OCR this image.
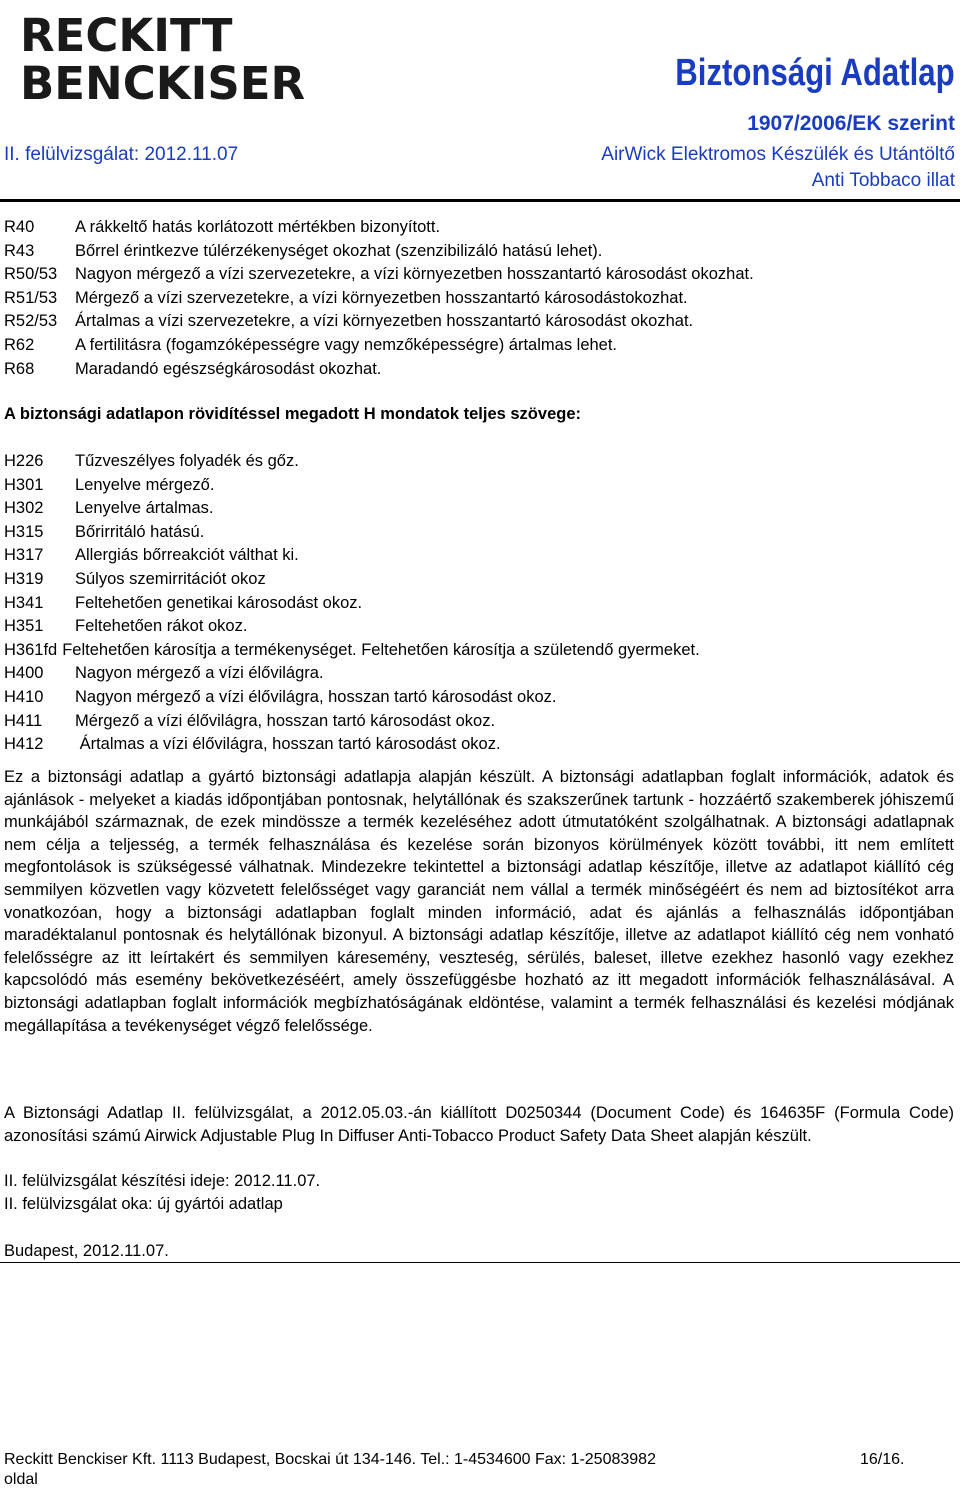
RECKITT
BENCKISER	Biztonsági Adatlap
1907/2006/EK szerint
II. felülvizsgálat: 2012.11.07	AirWick Elektromos Készülék és Utántöltő
Anti Tobbaco illat
R40	A rákkeltő hatás korlátozott mértékben bizonyított.
R43	Bőrrel érintkezve túlérzékenységet okozhat (szenzibilizáló hatású lehet).
R50/53	Nagyon mérgező a vízi szervezetekre, a vízi környezetben hosszantartó károsodást okozhat.
R51/53	Mérgező a vízi szervezetekre, a vízi környezetben hosszantartó károsodástokozhat.
R52/53	Ártalmas a vízi szervezetekre, a vízi környezetben hosszantartó károsodást okozhat.
R62	A fertilitásra (fogamzóképességre vagy nemzőképességre) ártalmas lehet.
R68	Maradandó egészségkárosodást okozhat.
A biztonsági adatlapon rövidítéssel megadott H mondatok teljes szövege:
H226	Tűzveszélyes folyadék és gőz.
H301	Lenyelve mérgező.
H302	Lenyelve ártalmas.
H315	Bőrirritáló hatású.
H317	Allergiás bőrreakciót válthat ki.
H319	Súlyos szemirritációt okoz
H341	Feltehetően genetikai károsodást okoz.
H351	Feltehetően rákot okoz.
H361fd Feltehetően károsítja a termékenységet. Feltehetően károsítja a születendő gyermeket.
H400	Nagyon mérgező a vízi élővilágra.
H410	Nagyon mérgező a vízi élővilágra, hosszan tartó károsodást okoz.
H411	Mérgező a vízi élővilágra, hosszan tartó károsodást okoz.
H412	Ártalmas a vízi élővilágra, hosszan tartó károsodást okoz.

Ez a biztonsági adatlap a gyártó biztonsági adatlapja alapján készült. A biztonsági adatlapban foglalt információk, adatok és ajánlások - melyeket a kiadás időpontjában pontosnak, helytállónak és szakszerűnek tartunk - hozzáértő szakemberek jóhiszemű munkájából származnak, de ezek mindössze a termék kezeléséhez adott útmutatóként szolgálhatnak. A biztonsági adatlapnak nem célja a teljesség, a termék felhasználása és kezelése során bizonyos körülmények között további, itt nem említett megfontolások is szükségessé válhatnak. Mindezekre tekintettel a biztonsági adatlap készítője, illetve az adatlapot kiállító cég semmilyen közvetlen vagy közvetett felelősséget vagy garanciát nem vállal a termék minőségéért és nem ad biztosítékot arra vonatkozóan, hogy a biztonsági adatlapban foglalt minden információ, adat és ajánlás a felhasználás időpontjában maradéktalanul pontosnak és helytállónak bizonyul. A biztonsági adatlap készítője, illetve az adatlapot kiállító cég nem vonható felelősségre az itt leírtakért és semmilyen káresemény, veszteség, sérülés, baleset, illetve ezekhez hasonló vagy ezekhez kapcsolódó más esemény bekövetkezéséért, amely összefüggésbe hozható az itt megadott információk felhasználásával. A biztonsági adatlapban foglalt információk megbízhatóságának eldöntése, valamint a termék felhasználási és kezelési módjának megállapítása a tevékenységet végző felelőssége.

A Biztonsági Adatlap II. felülvizsgálat, a 2012.05.03.-án kiállított D0250344 (Document Code) és 164635F (Formula Code) azonosítási számú Airwick Adjustable Plug In Diffuser Anti-Tobacco Product Safety Data Sheet alapján készült.

II. felülvizsgálat készítési ideje: 2012.11.07.
II. felülvizsgálat oka: új gyártói adatlap
Budapest, 2012.11.07.
Reckitt Benckiser Kft. 1113 Budapest, Bocskai út 134-146. Tel.: 1-4534600 Fax: 1-25083982	16/16.
oldal
